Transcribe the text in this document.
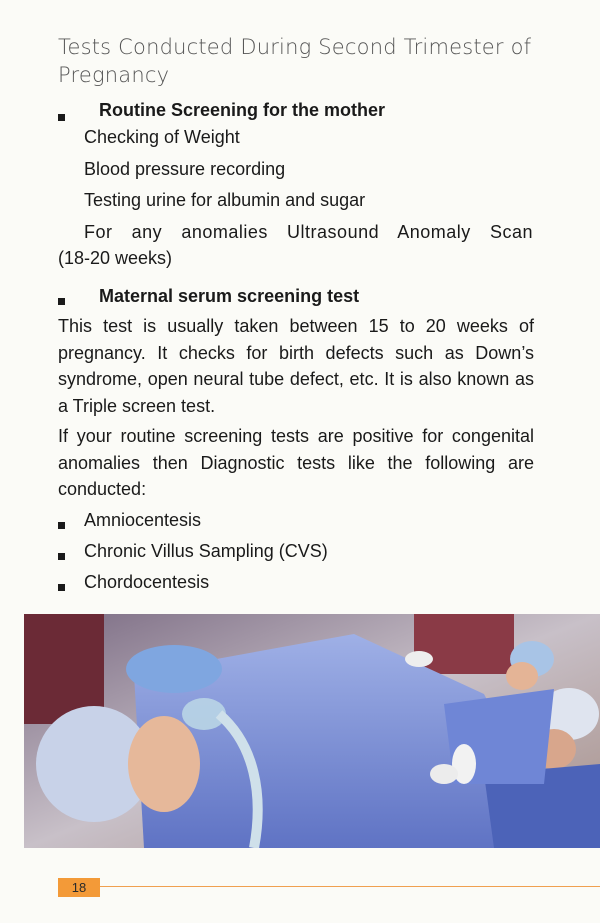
Tests Conducted During Second Trimester of Pregnancy
Routine Screening for the mother
Checking of Weight
Blood pressure recording
Testing urine for albumin and sugar
For any anomalies Ultrasound Anomaly Scan
(18-20 weeks)
Maternal serum screening test
This test is usually taken between 15 to 20 weeks of pregnancy. It checks for birth defects such as Down’s syndrome, open neural tube defect, etc. It is also known as a Triple screen test.
If your routine screening tests are positive for congenital anomalies then Diagnostic tests like the following are conducted:
Amniocentesis
Chronic Villus Sampling (CVS)
Chordocentesis
18
